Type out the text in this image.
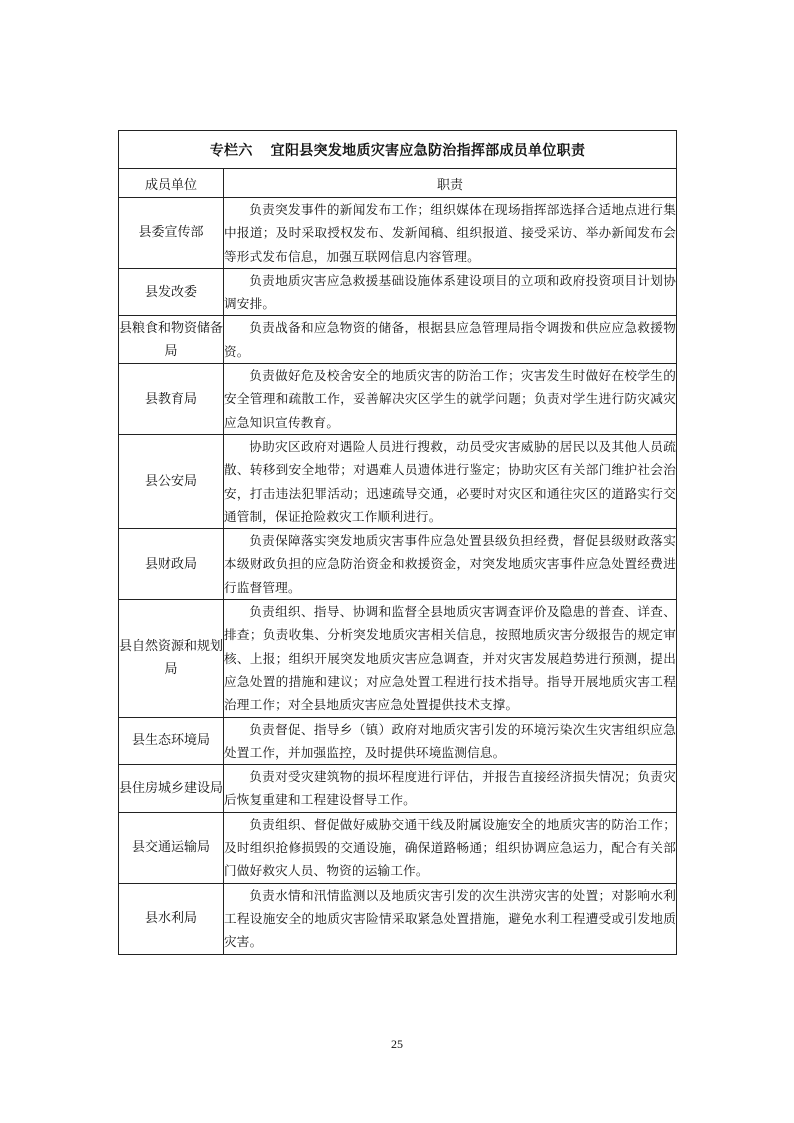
专栏六 宜阳县突发地质灾害应急防治指挥部成员单位职责	
成员单位	职责
县委宣传部	负责突发事件的新闻发布工作；组织媒体在现场指挥部选择合适地点进行集中报道；及时采取授权发布、发新闻稿、组织报道、接受采访、举办新闻发布会等形式发布信息，加强互联网信息内容管理。
县发改委	负责地质灾害应急救援基础设施体系建设项目的立项和政府投资项目计划协调安排。
县粮食和物资储备局	负责战备和应急物资的储备，根据县应急管理局指令调拨和供应应急救援物资。
县教育局	负责做好危及校舍安全的地质灾害的防治工作；灾害发生时做好在校学生的安全管理和疏散工作，妥善解决灾区学生的就学问题；负责对学生进行防灾减灾应急知识宣传教育。
县公安局	协助灾区政府对遇险人员进行搜救，动员受灾害威胁的居民以及其他人员疏散、转移到安全地带；对遇难人员遗体进行鉴定；协助灾区有关部门维护社会治安，打击违法犯罪活动；迅速疏导交通，必要时对灾区和通往灾区的道路实行交通管制，保证抢险救灾工作顺利进行。
县财政局	负责保障落实突发地质灾害事件应急处置县级负担经费，督促县级财政落实本级财政负担的应急防治资金和救援资金，对突发地质灾害事件应急处置经费进行监督管理。
县自然资源和规划局	负责组织、指导、协调和监督全县地质灾害调查评价及隐患的普查、详查、排查；负责收集、分析突发地质灾害相关信息，按照地质灾害分级报告的规定审核、上报；组织开展突发地质灾害应急调查，并对灾害发展趋势进行预测，提出应急处置的措施和建议；对应急处置工程进行技术指导。指导开展地质灾害工程治理工作；对全县地质灾害应急处置提供技术支撑。
县生态环境局	负责督促、指导乡（镇）政府对地质灾害引发的环境污染次生灾害组织应急处置工作，并加强监控，及时提供环境监测信息。
县住房城乡建设局	负责对受灾建筑物的损坏程度进行评估，并报告直接经济损失情况；负责灾后恢复重建和工程建设督导工作。
县交通运输局	负责组织、督促做好威胁交通干线及附属设施安全的地质灾害的防治工作；及时组织抢修损毁的交通设施，确保道路畅通；组织协调应急运力，配合有关部门做好救灾人员、物资的运输工作。
县水利局	负责水情和汛情监测以及地质灾害引发的次生洪涝灾害的处置；对影响水利工程设施安全的地质灾害险情采取紧急处置措施，避免水利工程遭受或引发地质灾害。
25
